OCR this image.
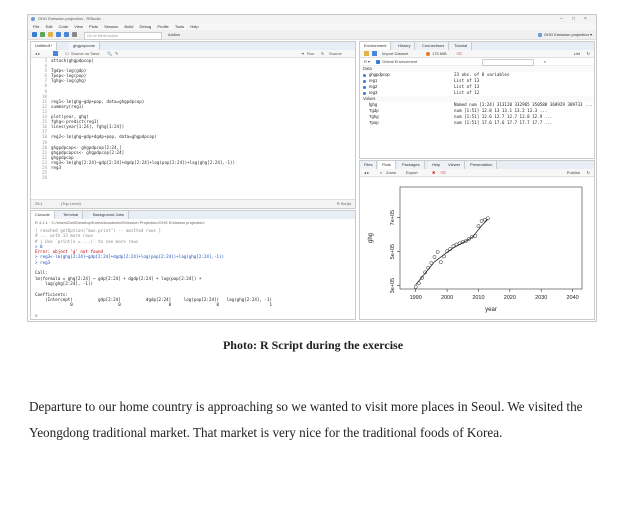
GHG Emission projection - RStudio	– □ ×
File Edit Code View Plots Session Build Debug Profile Tools Help
Go to file/function	Addins	GHG Emission projection ▾
Untitled1*	ghgpopcone
◂ ▸	☐ Source on Save 🔍 ✎	➔ Run ↻ Source
3 attach(ghgpdpcop)
4
5 Tgdp<-log(gdp)
6 Tpop<-log(pop)
7 Tghg<-log(ghg)
8
9
10
11 reg1<-lm(ghg~gdp+pop, data=ghgpdpcop)
12 summary(reg1)
13
14 plot(year, ghg)
15 fghg<-predict(reg1)
16 lines(year[1:24], fghg[1:24])
17
18 reg2<-lm(ghg~gdp+dgdp+pop, data=ghgpdpcop)
19
20 ghgpdpcop<- ghgpdpcop[2:24,]
21 ghgpdpcopcs<- ghgpdpcop[2:24]
22 ghgpdpcop
23 reg3<-lm(ghg[2:24]~gdp[2:24]+dgdp[2:24]+log(pop[2:24])+lag(ghg[2:24],-1))
24 reg3
25
26
25:1	(Top Level)	R Script
Console	Terminal	Background Jobs
R 4.1.1 · C:/Users/Dell/Desktop/Korea/Academic/Emission Projection/GHG Emission projection/
[ reached getOption("max.print") -- omitted rows ]
# ... with 13 more rows
# i Use `print(n = ...)` to see more rows
> 0
Error: object 'g' not found
> reg3<-lm(ghg[2:24]~gdp[2:24]+dgdp[2:24]+log(pop[2:24])+lag(ghg[2:24],-1))
> reg3
Call:
lm(formula = ghg[2:24] ~ gdp[2:24] + dgdp[2:24] + log(pop[2:24]) +
lag(ghg[2:24], -1))
Coefficients:
(Intercept)          gdp[2:24]          dgdp[2:24]     log(pop[2:24])   lag(ghg[2:24], -1)
0                  0                   0                  0                    1
>
Environment	History	Connections	Tutorial
Import Dataset	175 MiB ⌫	List ↻
R ▾	Global Environment	⌕
Data
ghgpdpcop	23 obs. of 8 variables
reg1	List of 13
reg2	List of 13
reg3	List of 12
Values
fghg	Named num [1:24] 313120 332965 350588 368929 389733 ...
Tgdp	num [1:51] 12.8 13 13.1 13.2 13.3 ...
Tghg	num [1:51] 12.6 12.7 12.7 12.8 12.9 ...
Tpop	num [1:51] 17.6 17.6 17.7 17.7 17.7 ...
Files	Plots	Packages	Help	Viewer	Presentation
◂ ▸	⌕ Zoom Export	✖ ⌫	Publish ↻
1990	2000	2010	2020	2030	2040
3e+05
5e+05
7e+05
year
ghg
Photo: R Script during the exercise
Departure to our home country is approaching so we wanted to visit more places in Seoul. We visited the Yeongdong traditional market. That market is very nice for the traditional foods of Korea.
